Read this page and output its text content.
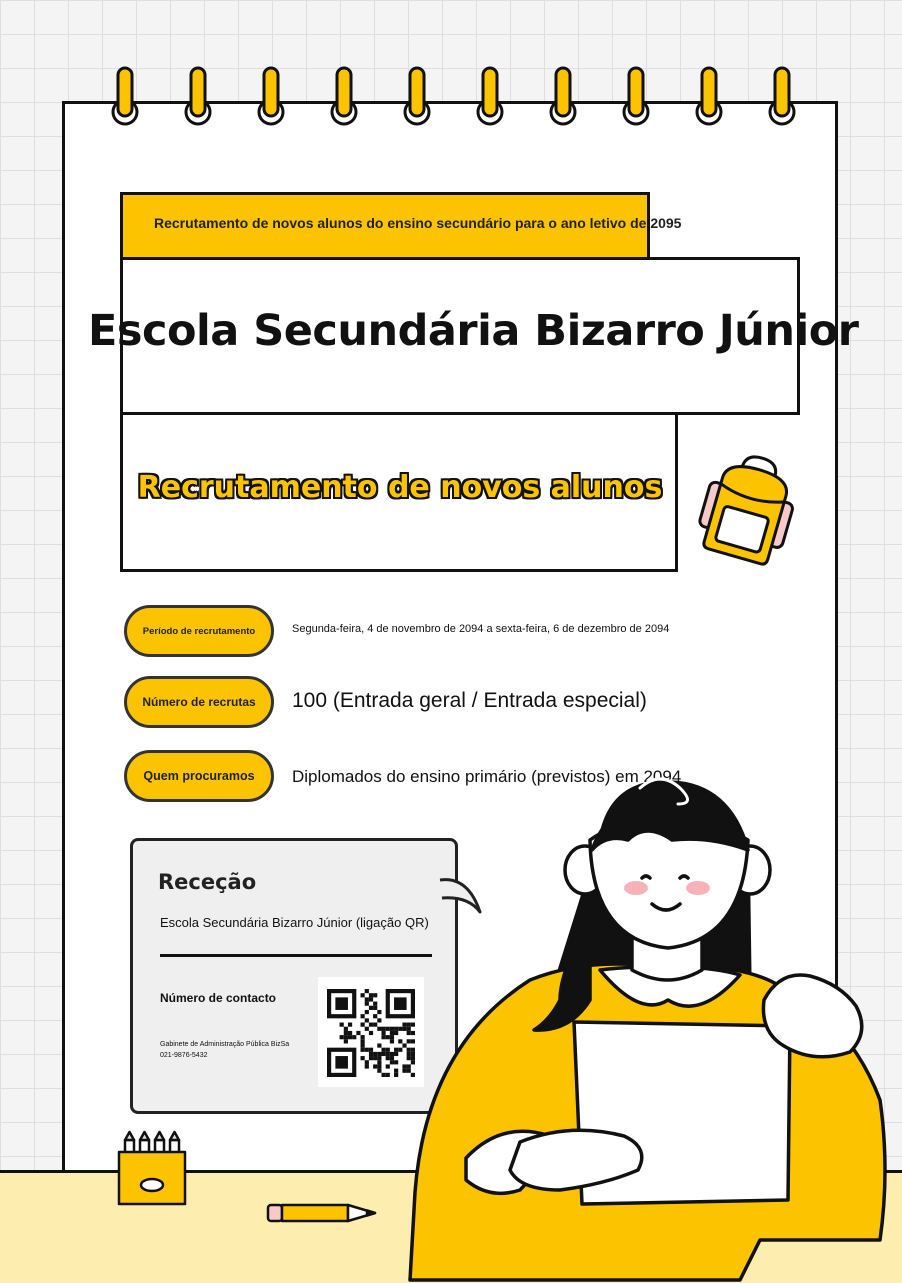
Recrutamento de novos alunos do ensino secundário para o ano letivo de 2095
Escola Secundária Bizarro Júnior
Recrutamento de novos alunos
Período de recrutamento	Segunda-feira, 4 de novembro de 2094 a sexta-feira, 6 de dezembro de 2094
Número de recrutas	100 (Entrada geral / Entrada especial)
Quem procuramos	Diplomados do ensino primário (previstos) em 2094
Receção
Escola Secundária Bizarro Júnior (ligação QR)
Número de contacto
Gabinete de Administração Pública BizSa
021-9876-5432
